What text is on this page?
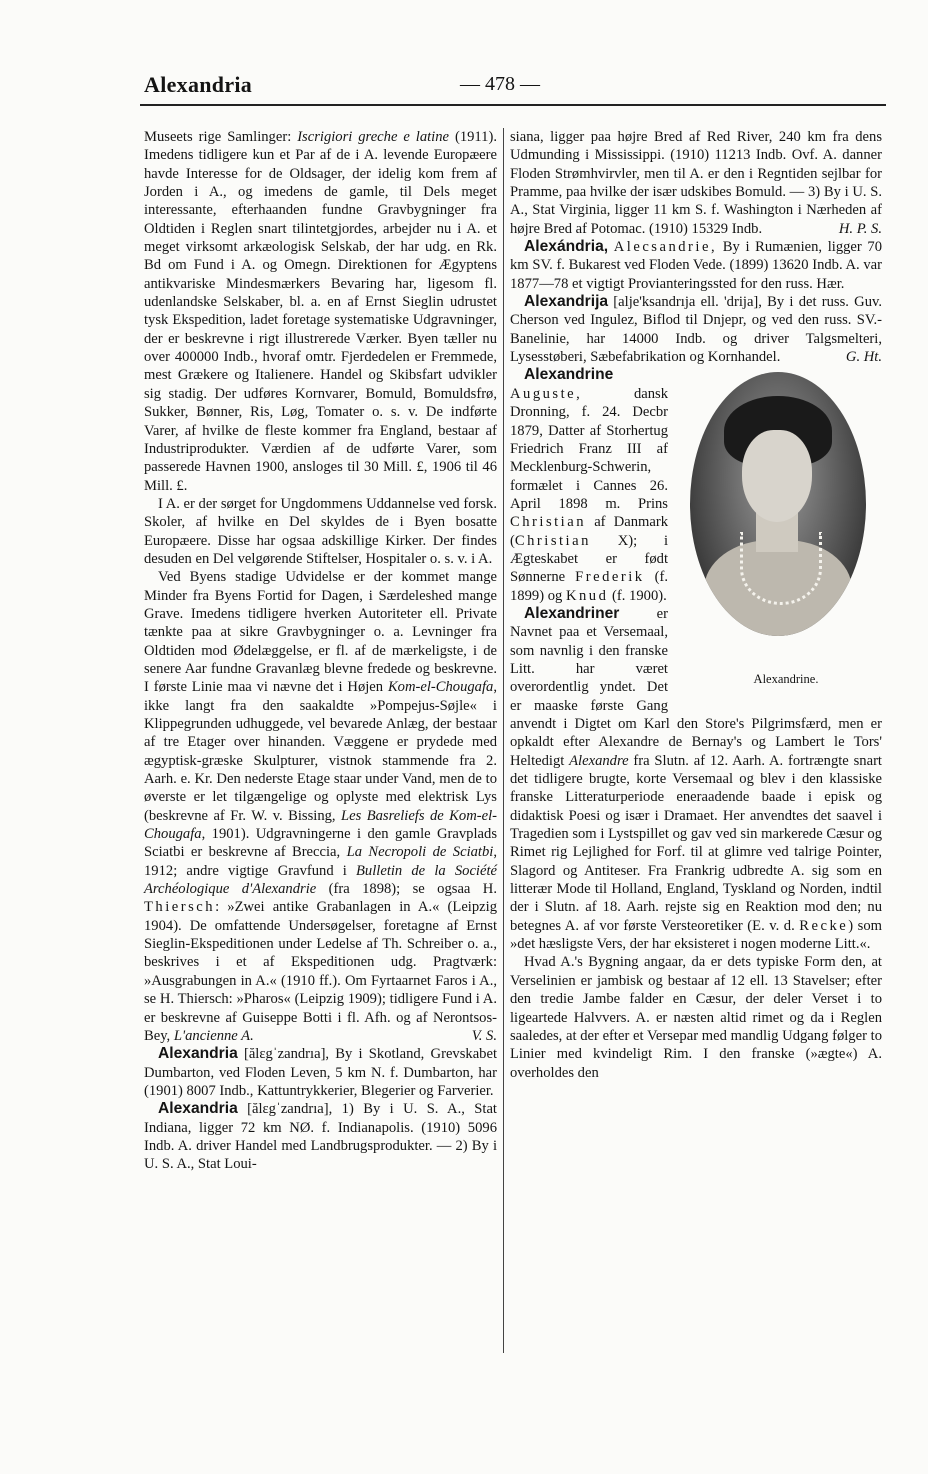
Alexandria	— 478 —

Museets rige Samlinger: Iscrigiori greche e latine (1911). Imedens tidligere kun et Par af de i A. levende Europæere havde Interesse for de Oldsager, der idelig kom frem af Jorden i A., og imedens de gamle, til Dels meget interessante, efterhaanden fundne Gravbygninger fra Oldtiden i Reglen snart tilintetgjordes, arbejder nu i A. et meget virksomt arkæologisk Selskab, der har udg. en Rk. Bd om Fund i A. og Omegn. Direktionen for Ægyptens antikvariske Mindesmærkers Bevaring har, ligesom fl. udenlandske Selskaber, bl. a. en af Ernst Sieglin udrustet tysk Ekspedition, ladet foretage systematiske Udgravninger, der er beskrevne i rigt illustrerede Værker. Byen tæller nu over 400000 Indb., hvoraf omtr. Fjerdedelen er Fremmede, mest Grækere og Italienere. Handel og Skibsfart udvikler sig stadig. Der udføres Kornvarer, Bomuld, Bomuldsfrø, Sukker, Bønner, Ris, Løg, Tomater o. s. v. De indførte Varer, af hvilke de fleste kommer fra England, bestaar af Industriprodukter. Værdien af de udførte Varer, som passerede Havnen 1900, ansloges til 30 Mill. £, 1906 til 46 Mill. £.

I A. er der sørget for Ungdommens Uddannelse ved forsk. Skoler, af hvilke en Del skyldes de i Byen bosatte Europæere. Disse har ogsaa adskillige Kirker. Der findes desuden en Del velgørende Stiftelser, Hospitaler o. s. v. i A.

Ved Byens stadige Udvidelse er der kommet mange Minder fra Byens Fortid for Dagen, i Særdeleshed mange Grave. Imedens tidligere hverken Autoriteter ell. Private tænkte paa at sikre Gravbygninger o. a. Levninger fra Oldtiden mod Ødelæggelse, er fl. af de mærkeligste, i de senere Aar fundne Gravanlæg blevne fredede og beskrevne. I første Linie maa vi nævne det i Højen Kom-el-Chougafa, ikke langt fra den saakaldte »Pompejus-Søjle« i Klippegrunden udhuggede, vel bevarede Anlæg, der bestaar af tre Etager over hinanden. Væggene er prydede med ægyptisk-græske Skulpturer, vistnok stammende fra 2. Aarh. e. Kr. Den nederste Etage staar under Vand, men de to øverste er let tilgængelige og oplyste med elektrisk Lys (beskrevne af Fr. W. v. Bissing, Les Basreliefs de Kom-el-Chougafa, 1901). Udgravningerne i den gamle Gravplads Sciatbi er beskrevne af Breccia, La Necropoli de Sciatbi, 1912; andre vigtige Gravfund i Bulletin de la Société Archéologique d'Alexandrie (fra 1898); se ogsaa H. Thiersch: »Zwei antike Grabanlagen in A.« (Leipzig 1904). De omfattende Undersøgelser, foretagne af Ernst Sieglin-Ekspeditionen under Ledelse af Th. Schreiber o. a., beskrives i et af Ekspeditionen udg. Pragtværk: »Ausgrabungen in A.« (1910 ff.). Om Fyrtaarnet Faros i A., se H. Thiersch: »Pharos« (Leipzig 1909); tidligere Fund i A. er beskrevne af Guiseppe Botti i fl. Afh. og af Nerontsos-Bey, L'ancienne A.	V. S.

Alexandria [ălɛgˈzandrıa], By i Skotland, Grevskabet Dumbarton, ved Floden Leven, 5 km N. f. Dumbarton, har (1901) 8007 Indb., Kattuntrykkerier, Blegerier og Farverier.

Alexandria [ălɛgˈzandrıa], 1) By i U. S. A., Stat Indiana, ligger 72 km NØ. f. Indianapolis. (1910) 5096 Indb. A. driver Handel med Landbrugsprodukter. — 2) By i U. S. A., Stat Loui-

siana, ligger paa højre Bred af Red River, 240 km fra dens Udmunding i Mississippi. (1910) 11213 Indb. Ovf. A. danner Floden Strømhvirvler, men til A. er den i Regntiden sejlbar for Pramme, paa hvilke der især udskibes Bomuld. — 3) By i U. S. A., Stat Virginia, ligger 11 km S. f. Washington i Nærheden af højre Bred af Potomac. (1910) 15329 Indb.	H. P. S.

Alexándria, Alecsandrie, By i Rumænien, ligger 70 km SV. f. Bukarest ved Floden Vede. (1899) 13620 Indb. A. var 1877—78 et vigtigt Provianteringssted for den russ. Hær.

Alexandrija [alje'ksandrıja ell. 'drija], By i det russ. Guv. Cherson ved Ingulez, Biflod til Dnjepr, og ved den russ. SV.-Banelinie, har 14000 Indb. og driver Talgsmelteri, Lysesstøberi, Sæbefabrikation og Kornhandel.	G. Ht.

Alexandrine.
Alexandrine Auguste, dansk Dronning, f. 24. Decbr 1879, Datter af Storhertug Friedrich Franz III af Mecklenburg-Schwerin, formælet i Cannes 26. April 1898 m. Prins Christian af Danmark (Christian X); i Ægteskabet er født Sønnerne Frederik (f. 1899) og Knud (f. 1900).

Alexandriner er Navnet paa et Versemaal, som navnlig i den franske Litt. har været overordentlig yndet. Det er maaske første Gang anvendt i Digtet om Karl den Store's Pilgrimsfærd, men er opkaldt efter Alexandre de Bernay's og Lambert le Tors' Heltedigt Alexandre fra Slutn. af 12. Aarh. A. fortrængte snart det tidligere brugte, korte Versemaal og blev i den klassiske franske Litteraturperiode eneraadende baade i episk og didaktisk Poesi og især i Dramaet. Her anvendtes det saavel i Tragedien som i Lystspillet og gav ved sin markerede Cæsur og Rimet rig Lejlighed for Forf. til at glimre ved talrige Pointer, Slagord og Antiteser. Fra Frankrig udbredte A. sig som en litterær Mode til Holland, England, Tyskland og Norden, indtil der i Slutn. af 18. Aarh. rejste sig en Reaktion mod den; nu betegnes A. af vor første Versteoretiker (E. v. d. Recke) som »det hæsligste Vers, der har eksisteret i nogen moderne Litt.«.

Hvad A.'s Bygning angaar, da er dets typiske Form den, at Verselinien er jambisk og bestaar af 12 ell. 13 Stavelser; efter den tredie Jambe falder en Cæsur, der deler Verset i to ligeartede Halvvers. A. er næsten altid rimet og da i Reglen saaledes, at der efter et Versepar med mandlig Udgang følger to Linier med kvindeligt Rim. I den franske (»ægte«) A. overholdes den
